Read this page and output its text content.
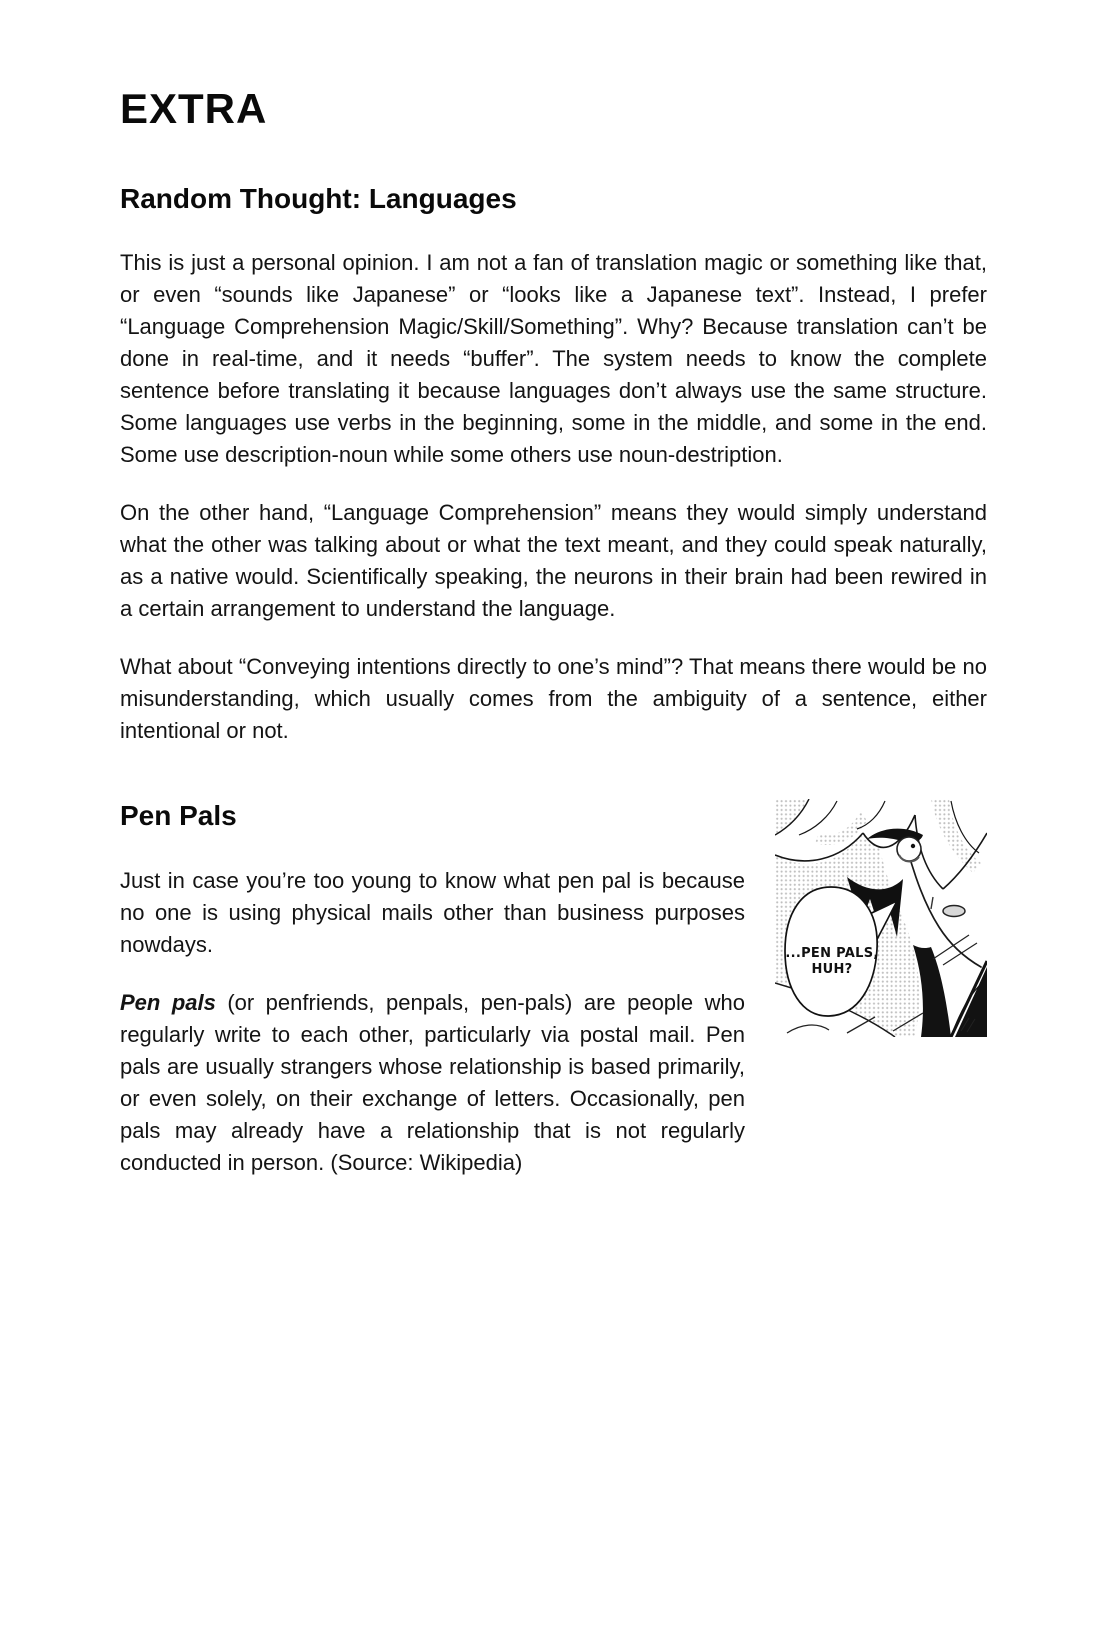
EXTRA
Random Thought: Languages

This is just a personal opinion. I am not a fan of translation magic or something like that, or even “sounds like Japanese” or “looks like a Japanese text”. Instead, I prefer “Language Comprehension Magic/Skill/Something”. Why? Because translation can’t be done in real-time, and it needs “buffer”. The system needs to know the complete sentence before translating it because languages don’t always use the same structure. Some languages use verbs in the beginning, some in the middle, and some in the end. Some use description-noun while some others use noun-destription.

On the other hand, “Language Comprehension” means they would simply understand what the other was talking about or what the text meant, and they could speak naturally, as a native would. Scientifically speaking, the neurons in their brain had been rewired in a certain arrangement to understand the language.

What about “Conveying intentions directly to one’s mind”? That means there would be no misunderstanding, which usually comes from the ambiguity of a sentence, either intentional or not.

Pen Pals

Just in case you’re too young to know what pen pal is because no one is using physical mails other than business purposes nowdays.

Pen pals (or penfriends, penpals, pen-pals) are people who regularly write to each other, particularly via postal mail. Pen pals are usually strangers whose relationship is based primarily, or even solely, on their exchange of letters. Occasionally, pen pals may already have a relationship that is not regularly conducted in person. (Source: Wikipedia)

...PEN PALS,
HUH?
